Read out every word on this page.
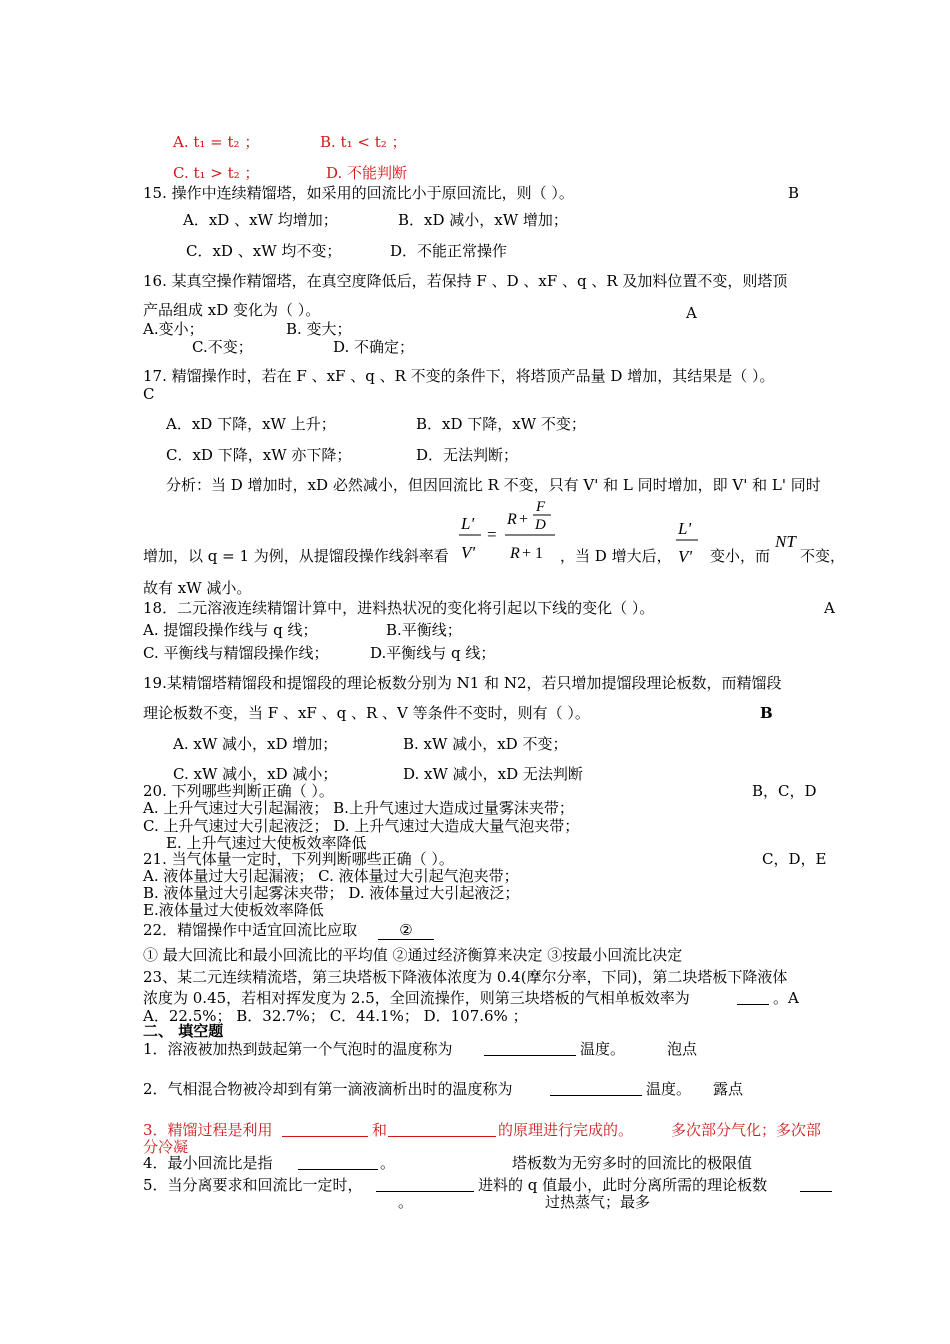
A. t₁ = t₂ ；	B. t₁ < t₂ ；
C. t₁ > t₂ ；	D. 不能判断
15. 操作中连续精馏塔，如采用的回流比小于原回流比，则（ ）。	B
A．xD 、xW 均增加；	B．xD 减小，xW 增加；
C．xD 、xW 均不变；	D．不能正常操作
16. 某真空操作精馏塔，在真空度降低后，若保持 F 、D 、xF 、q 、R 及加料位置不变，则塔顶
产品组成 xD 变化为（ ）。	A
A.变小；	B. 变大；
C.不变；	D. 不确定；
17. 精馏操作时，若在 F 、xF 、q 、R 不变的条件下，将塔顶产品量 D 增加，其结果是（ ）。
C
A．xD 下降，xW 上升；	B．xD 下降，xW 不变；
C．xD 下降，xW 亦下降；	D．无法判断；
分析：当 D 增加时，xD 必然减小，但因回流比 R 不变，只有 V' 和 L 同时增加，即 V' 和 L' 同时
增加，以 q = 1 为例，从提馏段操作线斜率看
L'
V'
=
R +
F
D
R + 1 ，当 D 增大后，
L'
V' 变小，而
NT
不变，
故有 xW 减小。
18．二元溶液连续精馏计算中，进料热状况的变化将引起以下线的变化（ ）。	A
A. 提馏段操作线与 q 线；	B.平衡线；
C. 平衡线与精馏段操作线；	D.平衡线与 q 线；
19.某精馏塔精馏段和提馏段的理论板数分别为 N1 和 N2，若只增加提馏段理论板数，而精馏段
理论板数不变，当 F 、xF 、q 、R 、V 等条件不变时，则有（ ）。	B
A. xW 减小，xD 增加；	B. xW 减小，xD 不变；
C. xW 减小，xD 减小；	D. xW 减小，xD 无法判断
20. 下列哪些判断正确（ ）。	B，C，D
A. 上升气速过大引起漏液； B.上升气速过大造成过量雾沫夹带；
C. 上升气速过大引起液泛； D. 上升气速过大造成大量气泡夹带；
E. 上升气速过大使板效率降低
21. 当气体量一定时，下列判断哪些正确（ ）。	C，D，E
A. 液体量过大引起漏液； C. 液体量过大引起气泡夹带；
B. 液体量过大引起雾沫夹带； D. 液体量过大引起液泛；
E.液体量过大使板效率降低
22．精馏操作中适宜回流比应取	②
① 最大回流比和最小回流比的平均值 ②通过经济衡算来决定 ③按最小回流比决定
23、某二元连续精流塔，第三块塔板下降液体浓度为 0.4(摩尔分率，下同)，第二块塔板下降液体
浓度为 0.45，若相对挥发度为 2.5，全回流操作，则第三块塔板的气相单板效率为	。A
A．22.5%； B．32.7%； C．44.1%； D．107.6% ；
二、 填空题
1．溶液被加热到鼓起第一个气泡时的温度称为	温度。	泡点
2．气相混合物被冷却到有第一滴液滴析出时的温度称为	温度。 露点
3．精馏过程是利用	和	的原理进行完成的。	多次部分气化；多次部
分冷凝
4．最小回流比是指	。	塔板数为无穷多时的回流比的极限值
5．当分离要求和回流比一定时，	进料的 q 值最小，此时分离所需的理论板数
。	过热蒸气；最多
